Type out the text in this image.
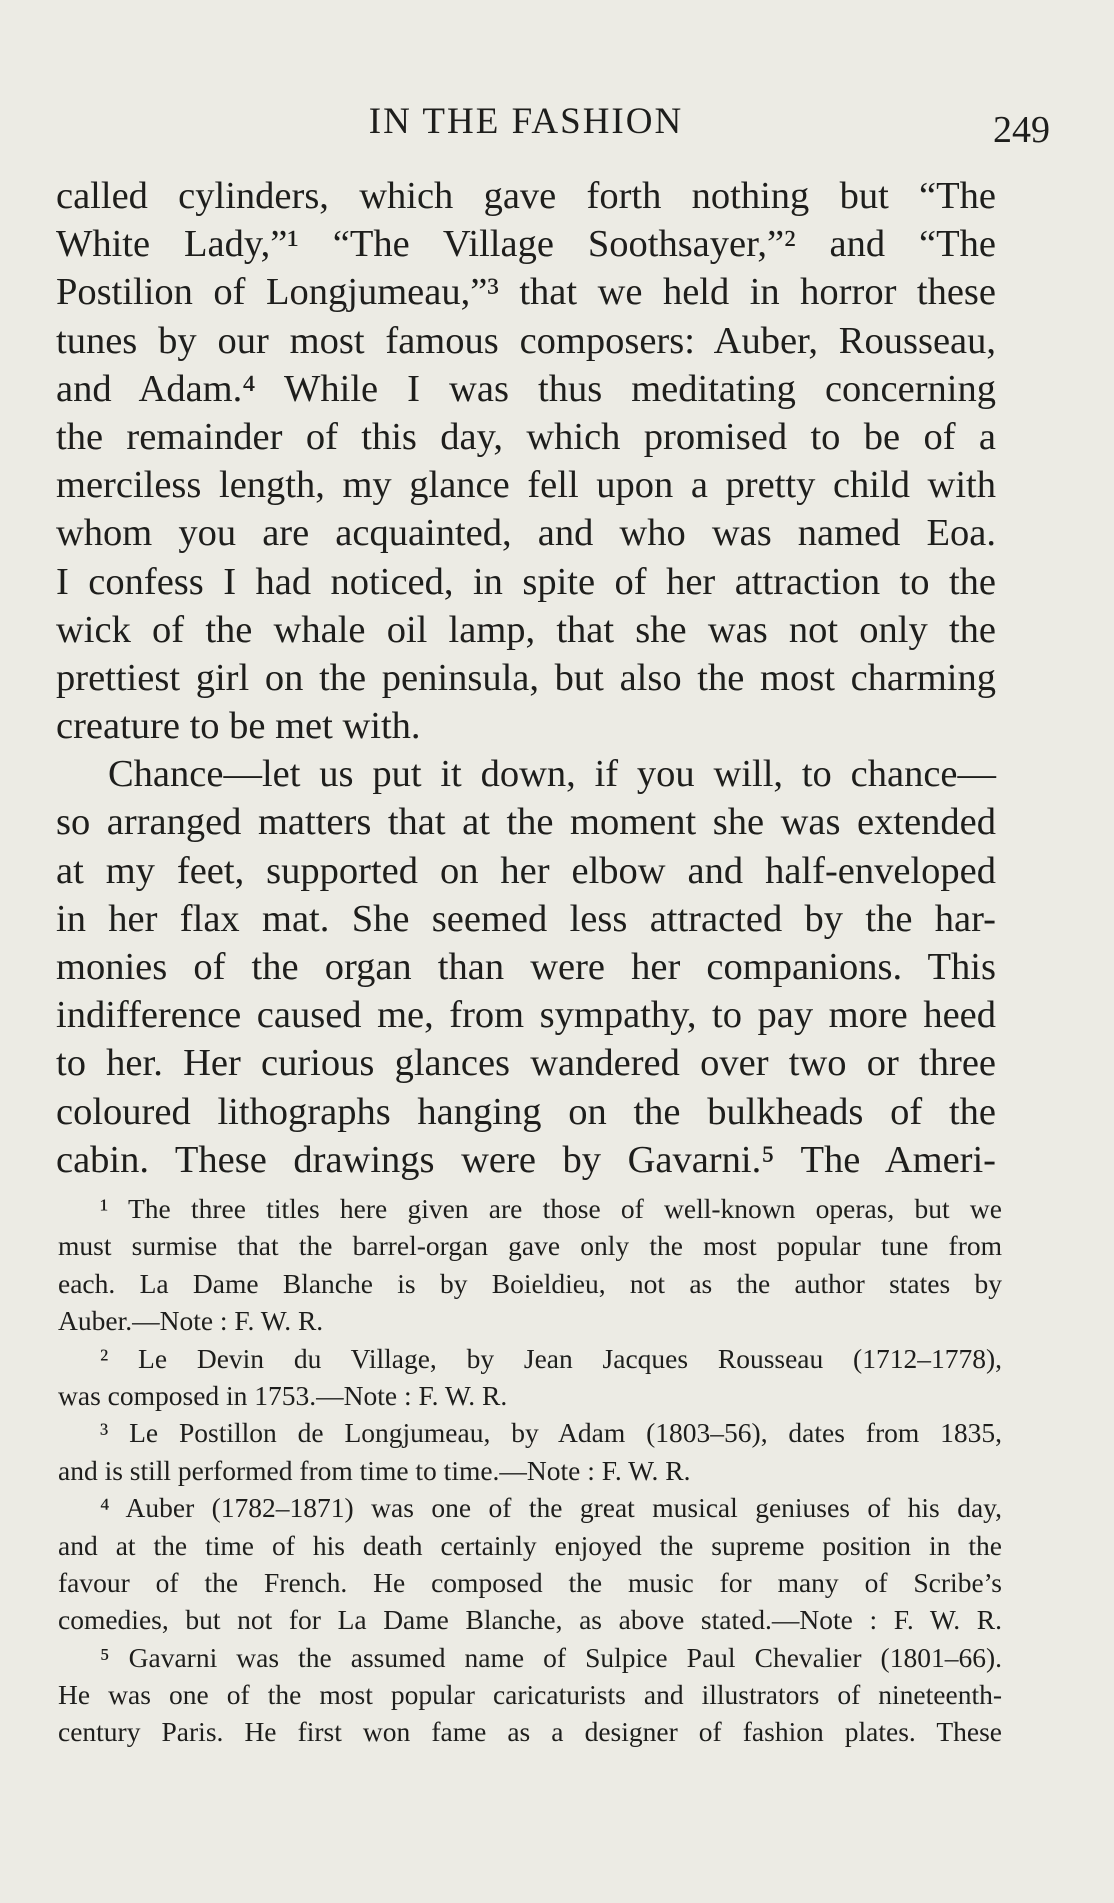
IN THE FASHION	249
called cylinders, which gave forth nothing but “The
White Lady,”¹ “The Village Soothsayer,”² and “The
Postilion of Longjumeau,”³ that we held in horror these
tunes by our most famous composers: Auber, Rousseau,
and Adam.⁴ While I was thus meditating concerning
the remainder of this day, which promised to be of a
merciless length, my glance fell upon a pretty child with
whom you are acquainted, and who was named Eoa.
I confess I had noticed, in spite of her attraction to the
wick of the whale oil lamp, that she was not only the
prettiest girl on the peninsula, but also the most charming
creature to be met with.
Chance—let us put it down, if you will, to chance—
so arranged matters that at the moment she was extended
at my feet, supported on her elbow and half-enveloped
in her flax mat. She seemed less attracted by the har-
monies of the organ than were her companions. This
indifference caused me, from sympathy, to pay more heed
to her. Her curious glances wandered over two or three
coloured lithographs hanging on the bulkheads of the
cabin. These drawings were by Gavarni.⁵ The Ameri-
¹ The three titles here given are those of well-known operas, but we
must surmise that the barrel-organ gave only the most popular tune from
each. La Dame Blanche is by Boieldieu, not as the author states by
Auber.—Note : F. W. R.
² Le Devin du Village, by Jean Jacques Rousseau (1712–1778),
was composed in 1753.—Note : F. W. R.
³ Le Postillon de Longjumeau, by Adam (1803–56), dates from 1835,
and is still performed from time to time.—Note : F. W. R.
⁴ Auber (1782–1871) was one of the great musical geniuses of his day,
and at the time of his death certainly enjoyed the supreme position in the
favour of the French. He composed the music for many of Scribe’s
comedies, but not for La Dame Blanche, as above stated.—Note : F. W. R.
⁵ Gavarni was the assumed name of Sulpice Paul Chevalier (1801–66).
He was one of the most popular caricaturists and illustrators of nineteenth-
century Paris. He first won fame as a designer of fashion plates. These
